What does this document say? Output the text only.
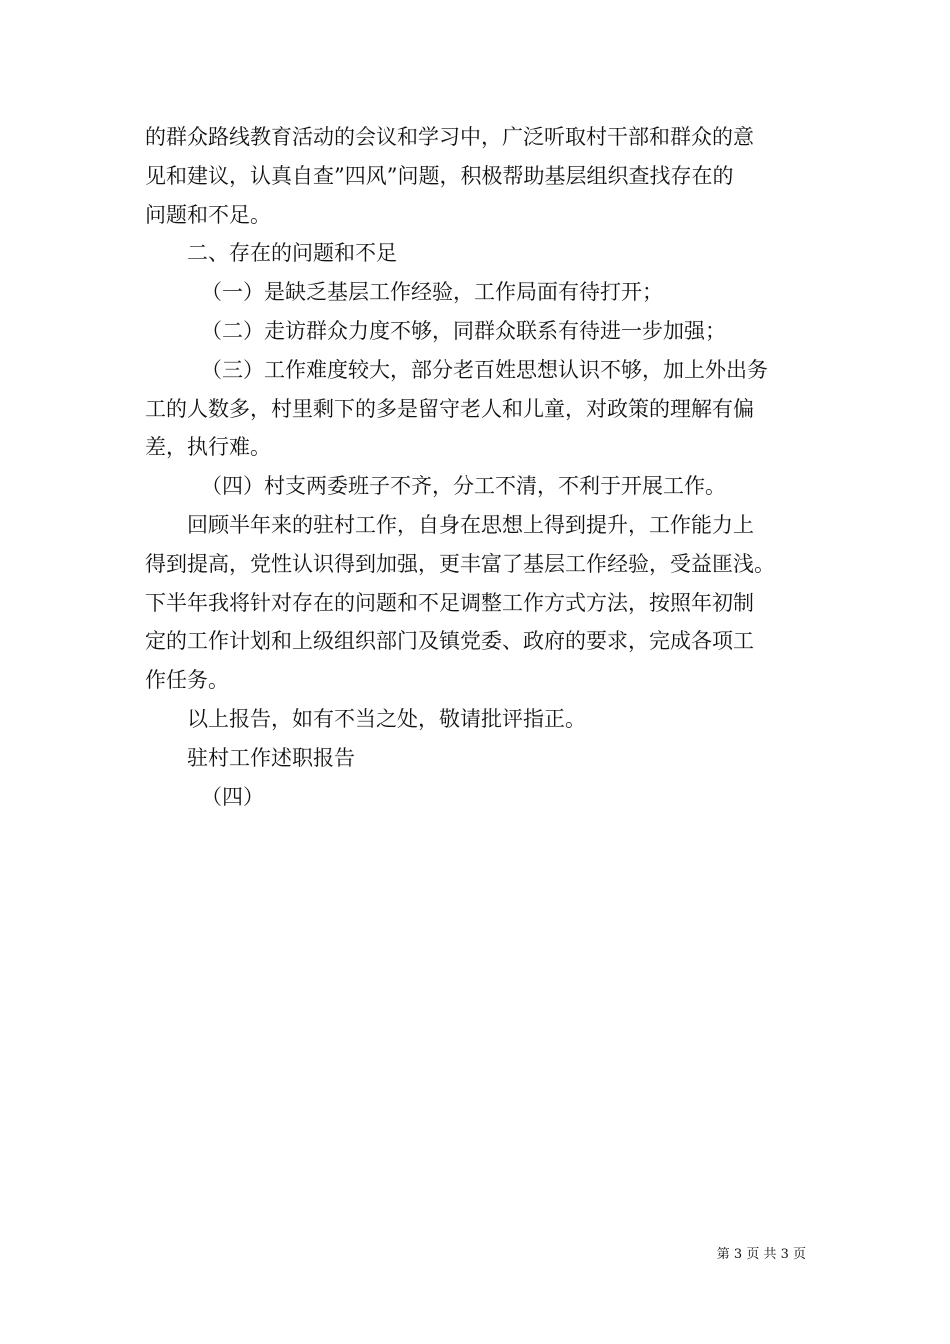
的群众路线教育活动的会议和学习中，广泛听取村干部和群众的意
见和建议，认真自查”四风”问题，积极帮助基层组织查找存在的
问题和不足。
二、存在的问题和不足
（一）是缺乏基层工作经验，工作局面有待打开；
（二）走访群众力度不够，同群众联系有待进一步加强；
（三）工作难度较大，部分老百姓思想认识不够，加上外出务
工的人数多，村里剩下的多是留守老人和儿童，对政策的理解有偏
差，执行难。
（四）村支两委班子不齐，分工不清，不利于开展工作。
回顾半年来的驻村工作，自身在思想上得到提升，工作能力上
得到提高，党性认识得到加强，更丰富了基层工作经验，受益匪浅。
下半年我将针对存在的问题和不足调整工作方式方法，按照年初制
定的工作计划和上级组织部门及镇党委、政府的要求，完成各项工
作任务。
以上报告，如有不当之处，敬请批评指正。
驻村工作述职报告
（四）
第 3 页 共 3 页
